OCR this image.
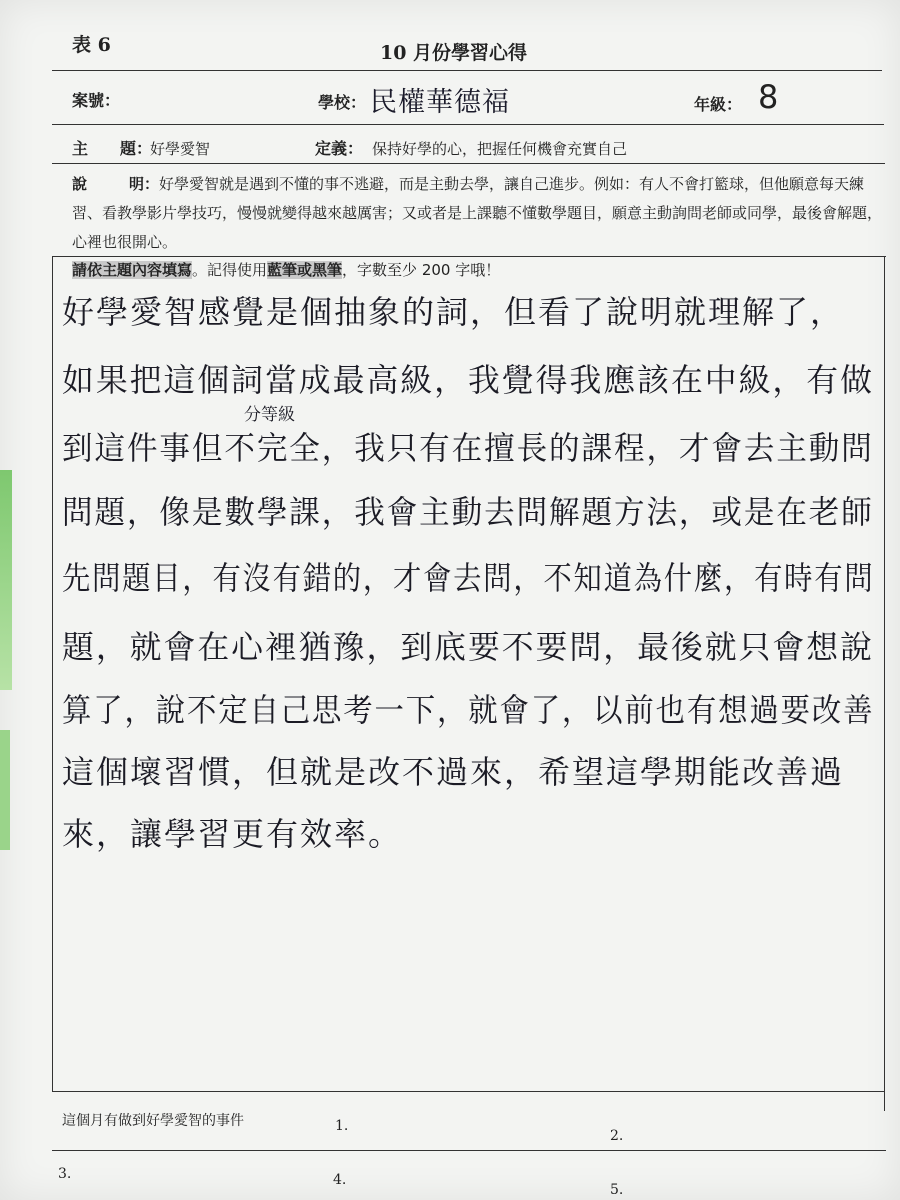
表 6	10 月份學習心得
案號：	學校： 民權華德福	年級： 8
主　　題：
好學愛智	定義： 保持好學的心，把握任何機會充實自己
說	明：好學愛智就是遇到不懂的事不逃避，而是主動去學，讓自己進步。例如：有人不會打籃球，但他願意每天練習、看教學影片學技巧，慢慢就變得越來越厲害；又或者是上課聽不懂數學題目，願意主動詢問老師或同學，最後會解題，心裡也很開心。
請依主題內容填寫。記得使用藍筆或黑筆，字數至少 200 字哦！
好學愛智感覺是個抽象的詞，但看了說明就理解了，
如果把這個詞當成最高級，我覺得我應該在中級，有做
到這件事但不完全，我只有在擅長的課程，才會去主動問
問題，像是數學課，我會主動去問解題方法，或是在老師
先問題目，有沒有錯的，才會去問，不知道為什麼，有時有問
題，就會在心裡猶豫，到底要不要問，最後就只會想說
算了，說不定自己思考一下，就會了，以前也有想過要改善
這個壞習慣，但就是改不過來，希望這學期能改善過
來，讓學習更有效率。
分等級
這個月有做到好學愛智的事件	1.
2.
3.	4.
5.
